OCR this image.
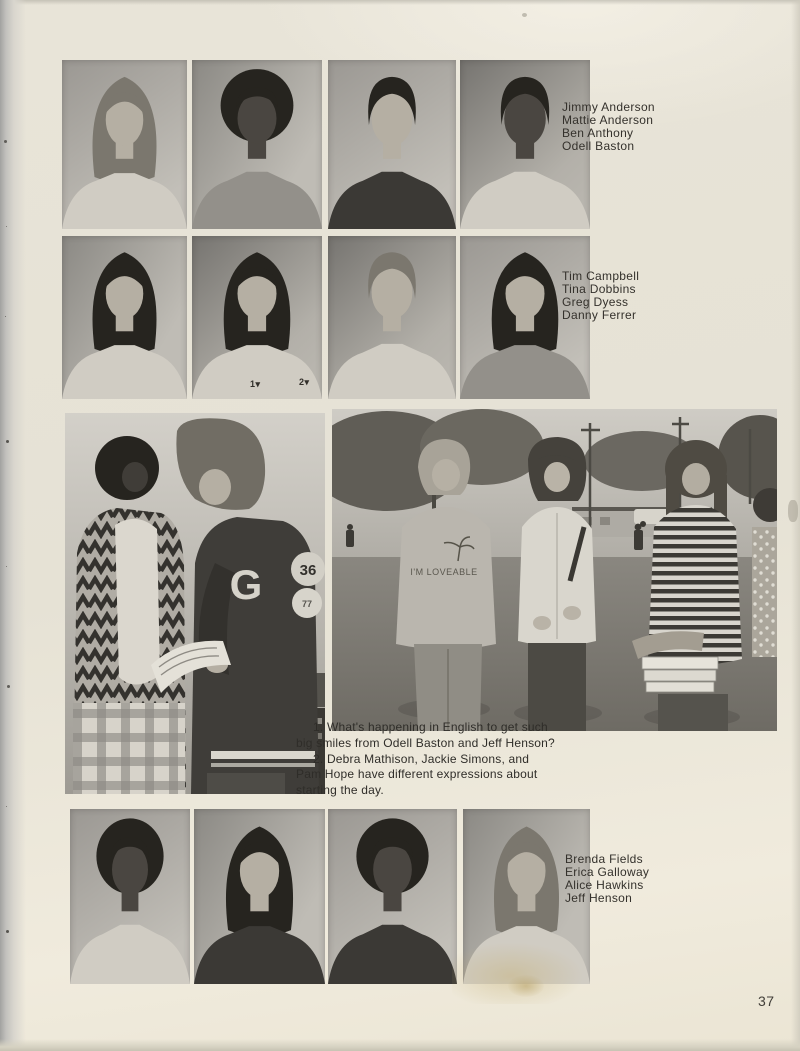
Jimmy Anderson
Mattie Anderson
Ben Anthony
Odell Baston
Tim Campbell
Tina Dobbins
Greg Dyess
Danny Ferrer
1▾	2▾
G 36
77
I'M LOVEABLE
1. What's happening in English to get such
big smiles from Odell Baston and Jeff Henson?
2. Debra Mathison, Jackie Simons, and
Pam Hope have different expressions about
starting the day.
Brenda Fields
Erica Galloway
Alice Hawkins
Jeff Henson
37
